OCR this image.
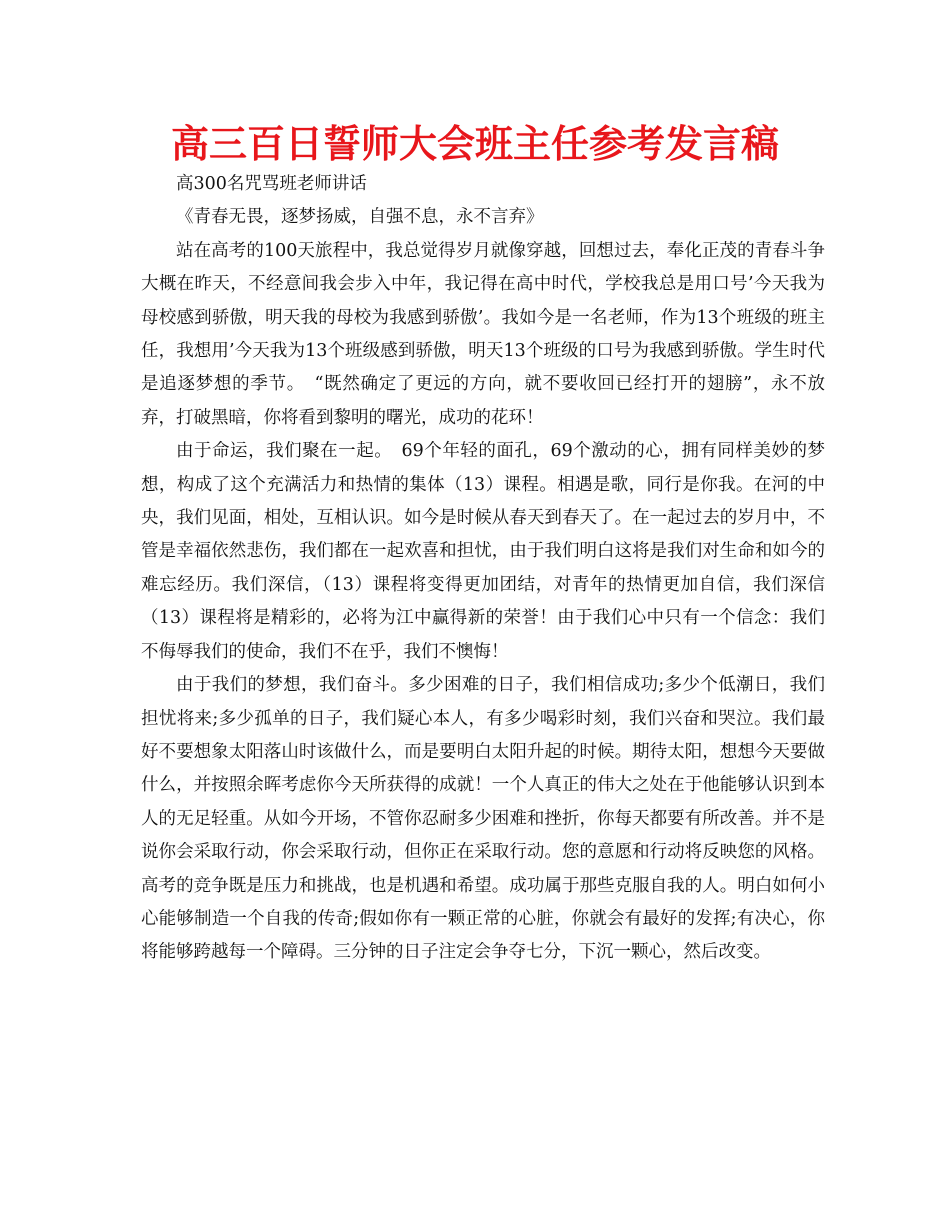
高三百日誓师大会班主任参考发言稿

高300名咒骂班老师讲话

《青春无畏，逐梦扬威，自强不息，永不言弃》

站在高考的100天旅程中，我总觉得岁月就像穿越，回想过去，奉化正茂的青春斗争大概在昨天，不经意间我会步入中年，我记得在高中时代，学校我总是用口号’今天我为母校感到骄傲，明天我的母校为我感到骄傲’。我如今是一名老师，作为13个班级的班主任，我想用’今天我为13个班级感到骄傲，明天13个班级的口号为我感到骄傲。学生时代是追逐梦想的季节。　“既然确定了更远的方向，就不要收回已经打开的翅膀”，永不放弃，打破黑暗，你将看到黎明的曙光，成功的花环！

由于命运，我们聚在一起。　69个年轻的面孔，69个激动的心，拥有同样美妙的梦想，构成了这个充满活力和热情的集体（13）课程。相遇是歌，同行是你我。在河的中央，我们见面，相处，互相认识。如今是时候从春天到春天了。在一起过去的岁月中，不管是幸福依然悲伤，我们都在一起欢喜和担忧，由于我们明白这将是我们对生命和如今的难忘经历。我们深信，（13）课程将变得更加团结，对青年的热情更加自信，我们深信（13）课程将是精彩的，必将为江中赢得新的荣誉！由于我们心中只有一个信念：我们不侮辱我们的使命，我们不在乎，我们不懊悔！

由于我们的梦想，我们奋斗。多少困难的日子，我们相信成功;多少个低潮日，我们担忧将来;多少孤单的日子，我们疑心本人，有多少喝彩时刻，我们兴奋和哭泣。我们最好不要想象太阳落山时该做什么，而是要明白太阳升起的时候。期待太阳，想想今天要做什么，并按照余晖考虑你今天所获得的成就！一个人真正的伟大之处在于他能够认识到本人的无足轻重。从如今开场，不管你忍耐多少困难和挫折，你每天都要有所改善。并不是说你会采取行动，你会采取行动，但你正在采取行动。您的意愿和行动将反映您的风格。高考的竞争既是压力和挑战，也是机遇和希望。成功属于那些克服自我的人。明白如何小心能够制造一个自我的传奇;假如你有一颗正常的心脏，你就会有最好的发挥;有决心，你将能够跨越每一个障碍。三分钟的日子注定会争夺七分，下沉一颗心，然后改变。
